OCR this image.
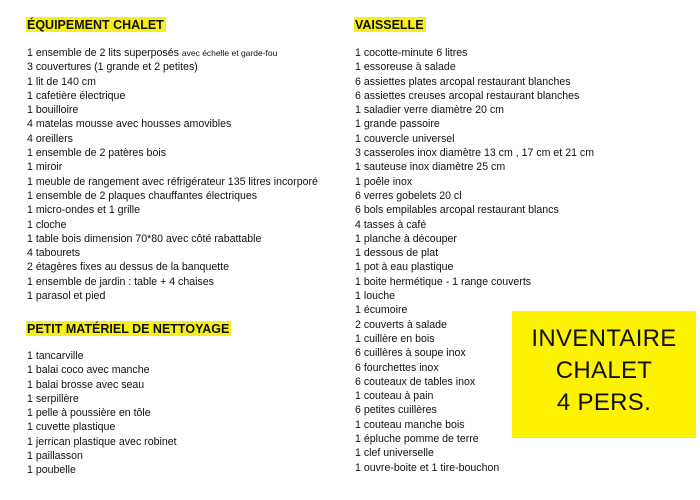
ÉQUIPEMENT CHALET
1 ensemble de 2 lits superposés avec échelle et garde-fou
3 couvertures (1 grande et 2 petites)
1 lit de 140 cm
1 cafetière électrique
1 bouilloire
4 matelas mousse avec housses amovibles
4 oreillers
1 ensemble de 2 patères bois
1 miroir
1 meuble de rangement avec réfrigérateur 135 litres incorporé
1 ensemble de 2 plaques chauffantes électriques
1 micro-ondes et 1 grille
1 cloche
1 table bois dimension 70*80 avec côté rabattable
4 tabourets
2 étagères fixes au dessus de la banquette
1 ensemble de jardin : table + 4 chaises
1 parasol et pied
PETIT MATÉRIEL DE NETTOYAGE
1 tancarville
1 balai coco avec manche
1 balai brosse avec seau
1 serpillère
1 pelle à poussière en tôle
1 cuvette plastique
1 jerrican plastique avec robinet
1 paillasson
1 poubelle
VAISSELLE
1 cocotte-minute 6 litres
1 essoreuse à salade
6 assiettes plates arcopal restaurant blanches
6 assiettes creuses arcopal restaurant blanches
1 saladier verre diamètre 20 cm
1 grande passoire
1 couvercle universel
3 casseroles inox diamètre 13 cm , 17 cm et 21 cm
1 sauteuse inox diamètre 25 cm
1 poêle inox
6 verres gobelets 20 cl
6 bols empilables arcopal restaurant blancs
4 tasses à café
1 planche à découper
1 dessous de plat
1 pot à eau plastique
1 boite hermétique - 1 range couverts
1 louche
1 écumoire
2 couverts à salade
1 cuillère en bois
6 cuillères à soupe inox
6 fourchettes inox
6 couteaux de tables inox
1 couteau à pain
6 petites cuillères
1 couteau manche bois
1 épluche pomme de terre
1 clef universelle
1 ouvre-boite et 1 tire-bouchon
INVENTAIRE
CHALET
4 PERS.
